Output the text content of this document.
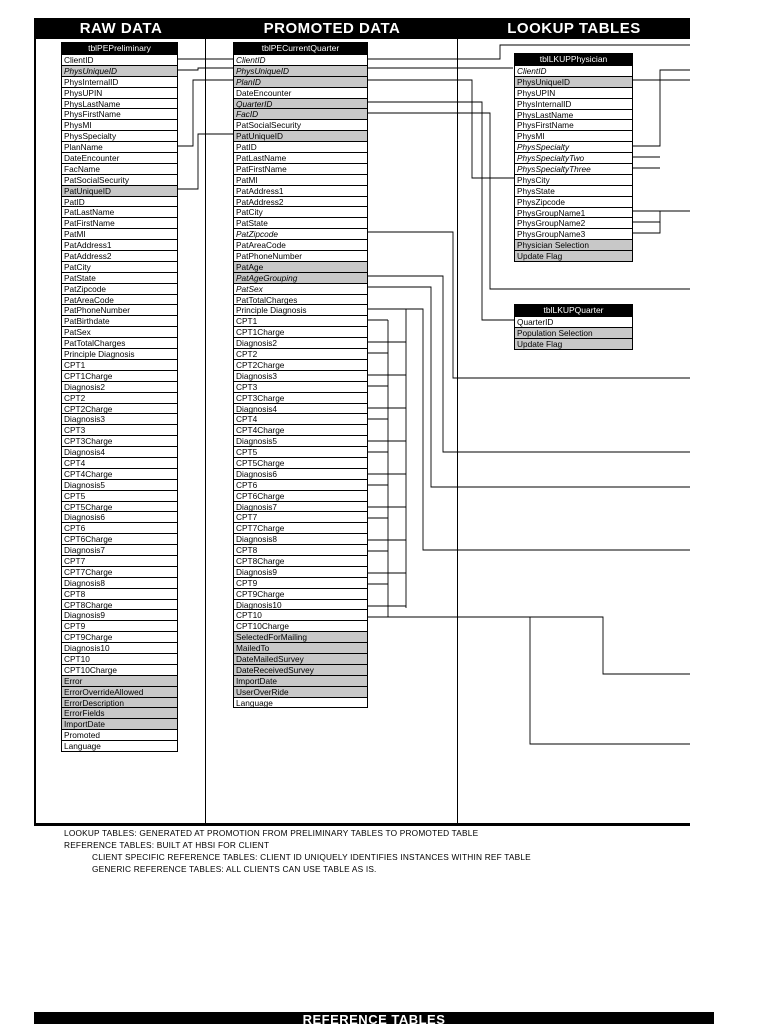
RAW DATA	PROMOTED DATA	LOOKUP TABLES
tblPEPreliminary
ClientID
PhysUniqueID
PhysInternalID
PhysUPIN
PhysLastName
PhysFirstName
PhysMI
PhysSpecialty
PlanName
DateEncounter
FacName
PatSocialSecurity
PatUniqueID
PatID
PatLastName
PatFirstName
PatMI
PatAddress1
PatAddress2
PatCity
PatState
PatZipcode
PatAreaCode
PatPhoneNumber
PatBirthdate
PatSex
PatTotalCharges
Principle Diagnosis
CPT1
CPT1Charge
Diagnosis2
CPT2
CPT2Charge
Diagnosis3
CPT3
CPT3Charge
Diagnosis4
CPT4
CPT4Charge
Diagnosis5
CPT5
CPT5Charge
Diagnosis6
CPT6
CPT6Charge
Diagnosis7
CPT7
CPT7Charge
Diagnosis8
CPT8
CPT8Charge
Diagnosis9
CPT9
CPT9Charge
Diagnosis10
CPT10
CPT10Charge
Error
ErrorOverrideAllowed
ErrorDescription
ErrorFields
ImportDate
Promoted
Language
tblPECurrentQuarter
ClientID
PhysUniqueID
PlanID
DateEncounter
QuarterID
FacID
PatSocialSecurity
PatUniqueID
PatID
PatLastName
PatFirstName
PatMI
PatAddress1
PatAddress2
PatCity
PatState
PatZipcode
PatAreaCode
PatPhoneNumber
PatAge
PatAgeGrouping
PatSex
PatTotalCharges
Principle Diagnosis
CPT1
CPT1Charge
Diagnosis2
CPT2
CPT2Charge
Diagnosis3
CPT3
CPT3Charge
Diagnosis4
CPT4
CPT4Charge
Diagnosis5
CPT5
CPT5Charge
Diagnosis6
CPT6
CPT6Charge
Diagnosis7
CPT7
CPT7Charge
Diagnosis8
CPT8
CPT8Charge
Diagnosis9
CPT9
CPT9Charge
Diagnosis10
CPT10
CPT10Charge
SelectedForMailing
MailedTo
DateMailedSurvey
DateReceivedSurvey
ImportDate
UserOverRide
Language
tblLKUPPhysician
ClientID
PhysUniqueID
PhysUPIN
PhysInternalID
PhysLastName
PhysFirstName
PhysMI
PhysSpecialty
PhysSpecialtyTwo
PhysSpecialtyThree
PhysCity
PhysState
PhysZipcode
PhysGroupName1
PhysGroupName2
PhysGroupName3
Physician Selection
Update Flag
tblLKUPQuarter
QuarterID
Population Selection
Update Flag
LOOKUP TABLES: GENERATED AT PROMOTION FROM PRELIMINARY TABLES TO PROMOTED TABLE
REFERENCE TABLES: BUILT AT HBSI FOR CLIENT
CLIENT SPECIFIC REFERENCE TABLES: CLIENT ID UNIQUELY IDENTIFIES INSTANCES WITHIN REF TABLE
GENERIC REFERENCE TABLES: ALL CLIENTS CAN USE TABLE AS IS.
REFERENCE TABLES
